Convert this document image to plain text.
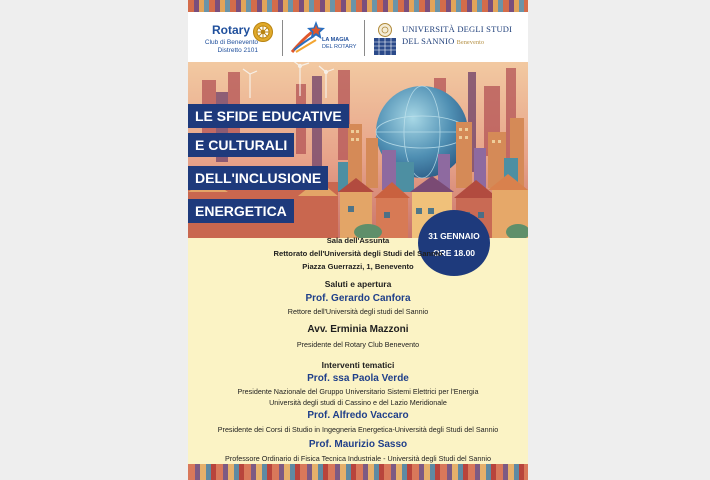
Rotary
Club di Benevento
Distretto 2101
LA MAGIA
DEL ROTARY
UNIVERSITÀ DEGLI STUDI
DEL SANNIO Benevento
LE SFIDE EDUCATIVE
E CULTURALI
DELL'INCLUSIONE
ENERGETICA
31 GENNAIO
ORE 18.00
Sala dell'Assunta
Rettorato dell'Università degli Studi del Sannio
Piazza Guerrazzi, 1, Benevento
Saluti e apertura
Prof. Gerardo Canfora
Rettore dell'Università degli studi del Sannio
Avv. Erminia Mazzoni
Presidente del Rotary Club Benevento
Interventi tematici
Prof. ssa Paola Verde
Presidente Nazionale del Gruppo Universitario Sistemi Elettrici per l'Energia
Università degli studi di Cassino e del Lazio Meridionale
Prof. Alfredo Vaccaro
Presidente dei Corsi di Studio in Ingegneria Energetica-Università degli Studi del Sannio
Prof. Maurizio Sasso
Professore Ordinario di Fisica Tecnica Industriale - Università degli Studi del Sannio
